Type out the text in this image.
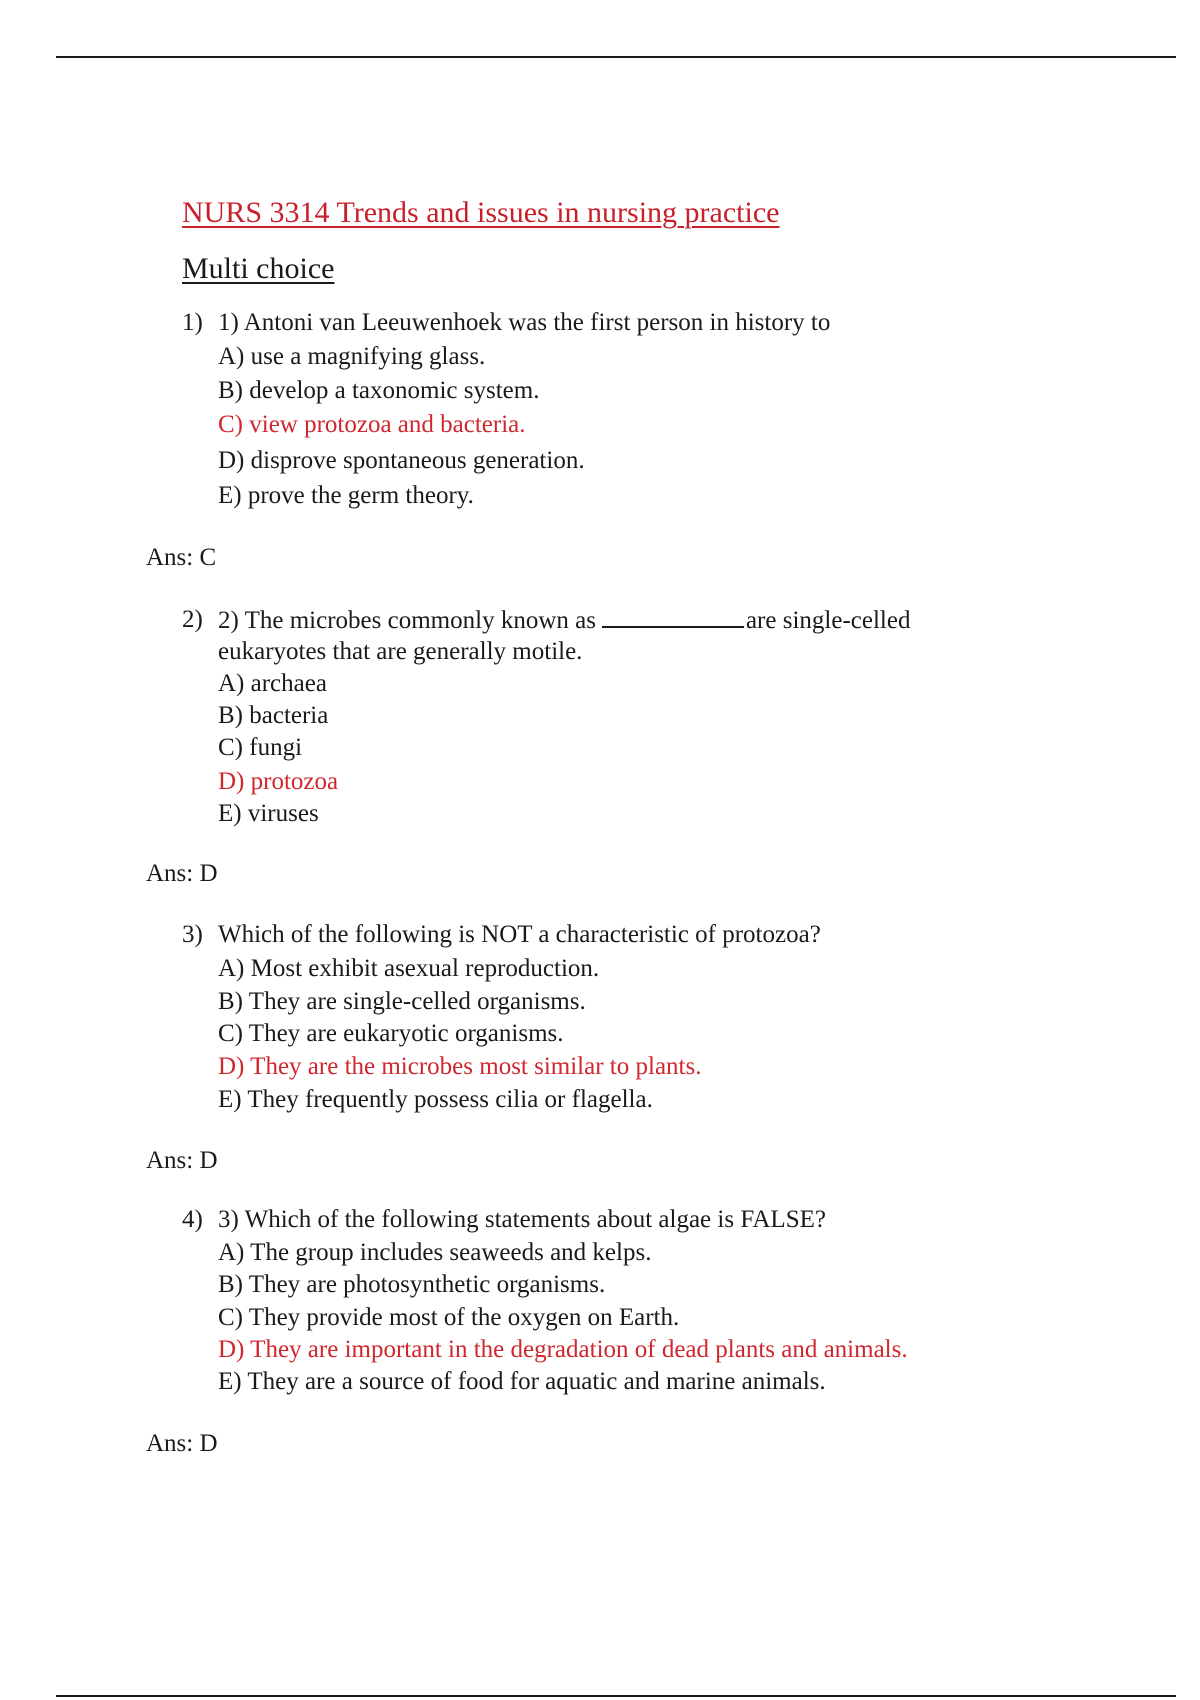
NURS 3314 Trends and issues in nursing practice
Multi choice
1) 1) Antoni van Leeuwenhoek was the first person in history to
A) use a magnifying glass.
B) develop a taxonomic system.
C) view protozoa and bacteria.
D) disprove spontaneous generation.
E) prove the germ theory.
Ans: C
2) 2) The microbes commonly known as	are single-celled
eukaryotes that are generally motile.
A) archaea
B) bacteria
C) fungi
D) protozoa
E) viruses
Ans: D
3) Which of the following is NOT a characteristic of protozoa?
A) Most exhibit asexual reproduction.
B) They are single-celled organisms.
C) They are eukaryotic organisms.
D) They are the microbes most similar to plants.
E) They frequently possess cilia or flagella.
Ans: D
4) 3) Which of the following statements about algae is FALSE?
A) The group includes seaweeds and kelps.
B) They are photosynthetic organisms.
C) They provide most of the oxygen on Earth.
D) They are important in the degradation of dead plants and animals.
E) They are a source of food for aquatic and marine animals.
Ans: D
